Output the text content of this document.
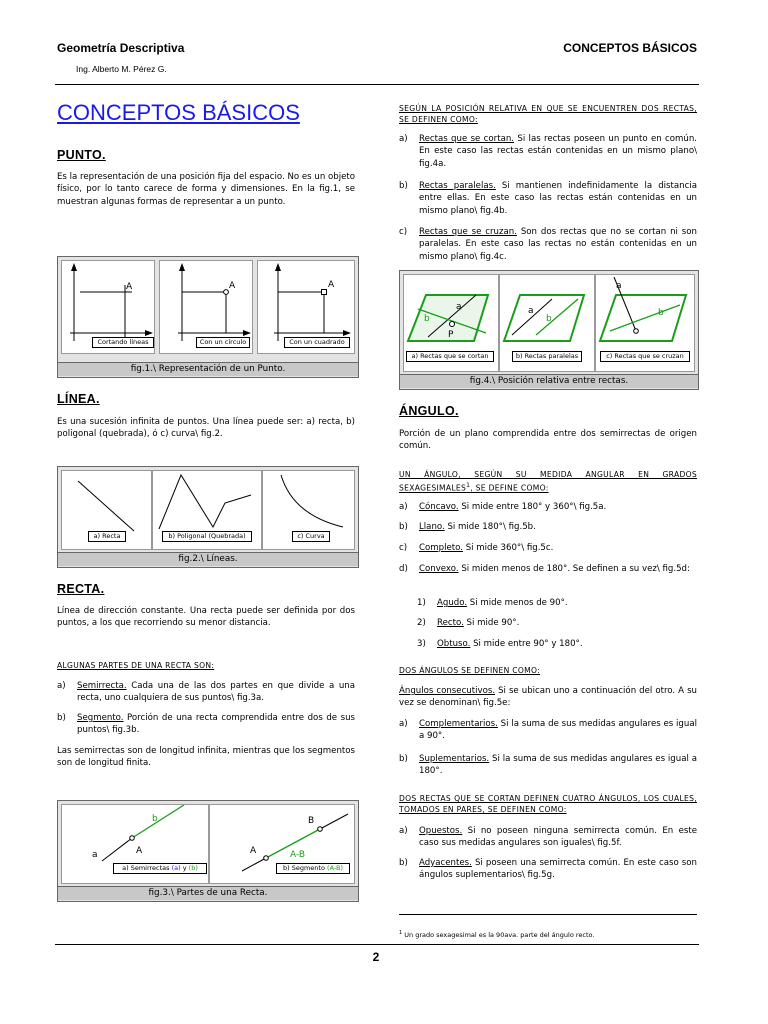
Geometría Descriptiva	CONCEPTOS BÁSICOS
Ing. Alberto M. Pérez G.
CONCEPTOS BÁSICOS
PUNTO.

Es la representación de una posición fija del espacio. No es un objeto físico, por lo tanto carece de forma y dimensiones. En la fig.1, se muestran algunas formas de representar a un punto.

A	A	A
Cortando líneas	Con un círculo	Con un cuadrado
fig.1.\ Representación de un Punto.
LÍNEA.

Es una sucesión infinita de puntos. Una línea puede ser: a) recta, b) poligonal (quebrada), ó c) curva\ fig.2.

a) Recta	b) Poligonal (Quebrada)	c) Curva
fig.2.\ Líneas.
RECTA.

Línea de dirección constante. Una recta puede ser definida por dos puntos, a los que recorriendo su menor distancia.

ALGUNAS PARTES DE UNA RECTA SON:
a) Semirrecta. Cada una de las dos partes en que divide a una recta, uno cualquiera de sus puntos\ fig.3a.
b) Segmento. Porción de una recta comprendida entre dos de sus puntos\ fig.3b.

Las semirrectas son de longitud infinita, mientras que los segmentos son de longitud finita.

a	A
b
A
B
A-B
a) Semirrectas (a) y (b)	b) Segmento (A-B)
fig.3.\ Partes de una Recta.
SEGÚN LA POSICIÓN RELATIVA EN QUE SE ENCUENTREN DOS RECTAS, SE DEFINEN COMO:
a) Rectas que se cortan. Si las rectas poseen un punto en común. En este caso las rectas están contenidas en un mismo plano\ fig.4a.
b) Rectas paralelas. Si mantienen indefinidamente la distancia entre ellas. En este caso las rectas están contenidas en un mismo plano\ fig.4b.
c) Rectas que se cruzan. Son dos rectas que no se cortan ni son paralelas. En este caso las rectas no están contenidas en un mismo plano\ fig.4c.
a
b
P
a
b
a
b
a) Rectas que se cortan	b) Rectas paralelas	c) Rectas que se cruzan
fig.4.\ Posición relativa entre rectas.
ÁNGULO.

Porción de un plano comprendida entre dos semirrectas de origen común.

UN ÁNGULO, SEGÚN SU MEDIDA ANGULAR EN GRADOS SEXAGESIMALES$^1$, SE DEFINE COMO:
a) Cóncavo. Si mide entre 180° y 360°\ fig.5a.
b) Llano. Si mide 180°\ fig.5b.
c) Completo. Si mide 360°\ fig.5c.
d) Convexo. Si miden menos de 180°. Se definen a su vez\ fig.5d:
1) Agudo. Si mide menos de 90°.
2) Recto. Si mide 90°.
3) Obtuso. Si mide entre 90° y 180°.
DOS ÁNGULOS SE DEFINEN COMO:

Ángulos consecutivos. Si se ubican uno a continuación del otro. A su vez se denominan\ fig.5e:

a) Complementarios. Si la suma de sus medidas angulares es igual a 90°.
b) Suplementarios. Si la suma de sus medidas angulares es igual a 180°.
DOS RECTAS QUE SE CORTAN DEFINEN CUATRO ÁNGULOS, LOS CUALES, TOMADOS EN PARES, SE DEFINEN COMO:
a) Opuestos. Si no poseen ninguna semirrecta común. En este caso sus medidas angulares son iguales\ fig.5f.
b) Adyacentes. Si poseen una semirrecta común. En este caso son ángulos suplementarios\ fig.5g.
$^1$ Un grado sexagesimal es la 90ava. parte del ángulo recto.
2
